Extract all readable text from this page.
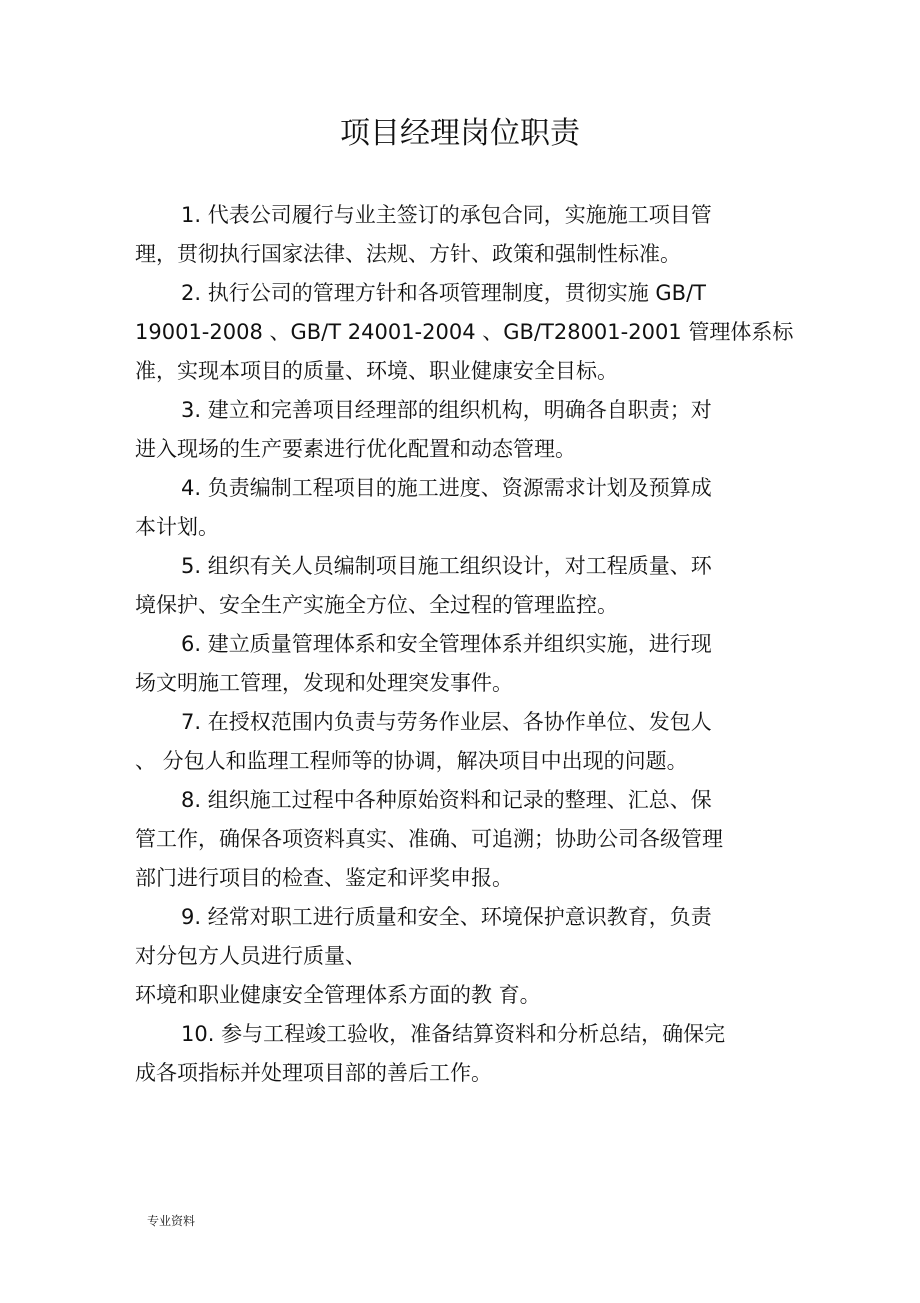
项目经理岗位职责

1. 代表公司履行与业主签订的承包合同，实施施工项目管
理，贯彻执行国家法律、法规、方针、政策和强制性标准。

2. 执行公司的管理方针和各项管理制度，贯彻实施 GB/T
19001-2008 、GB/T 24001-2004 、GB/T28001-2001 管理体系标
准，实现本项目的质量、环境、职业健康安全目标。

3. 建立和完善项目经理部的组织机构，明确各自职责；对
进入现场的生产要素进行优化配置和动态管理。

4. 负责编制工程项目的施工进度、资源需求计划及预算成
本计划。

5. 组织有关人员编制项目施工组织设计，对工程质量、环
境保护、安全生产实施全方位、全过程的管理监控。

6. 建立质量管理体系和安全管理体系并组织实施，进行现
场文明施工管理，发现和处理突发事件。

7. 在授权范围内负责与劳务作业层、各协作单位、发包人
、 分包人和监理工程师等的协调，解决项目中出现的问题。

8. 组织施工过程中各种原始资料和记录的整理、汇总、保
管工作，确保各项资料真实、准确、可追溯；协助公司各级管理
部门进行项目的检查、鉴定和评奖申报。

9. 经常对职工进行质量和安全、环境保护意识教育，负责
对分包方人员进行质量、
环境和职业健康安全管理体系方面的教 育。

10. 参与工程竣工验收，准备结算资料和分析总结，确保完
成各项指标并处理项目部的善后工作。

专业资料
